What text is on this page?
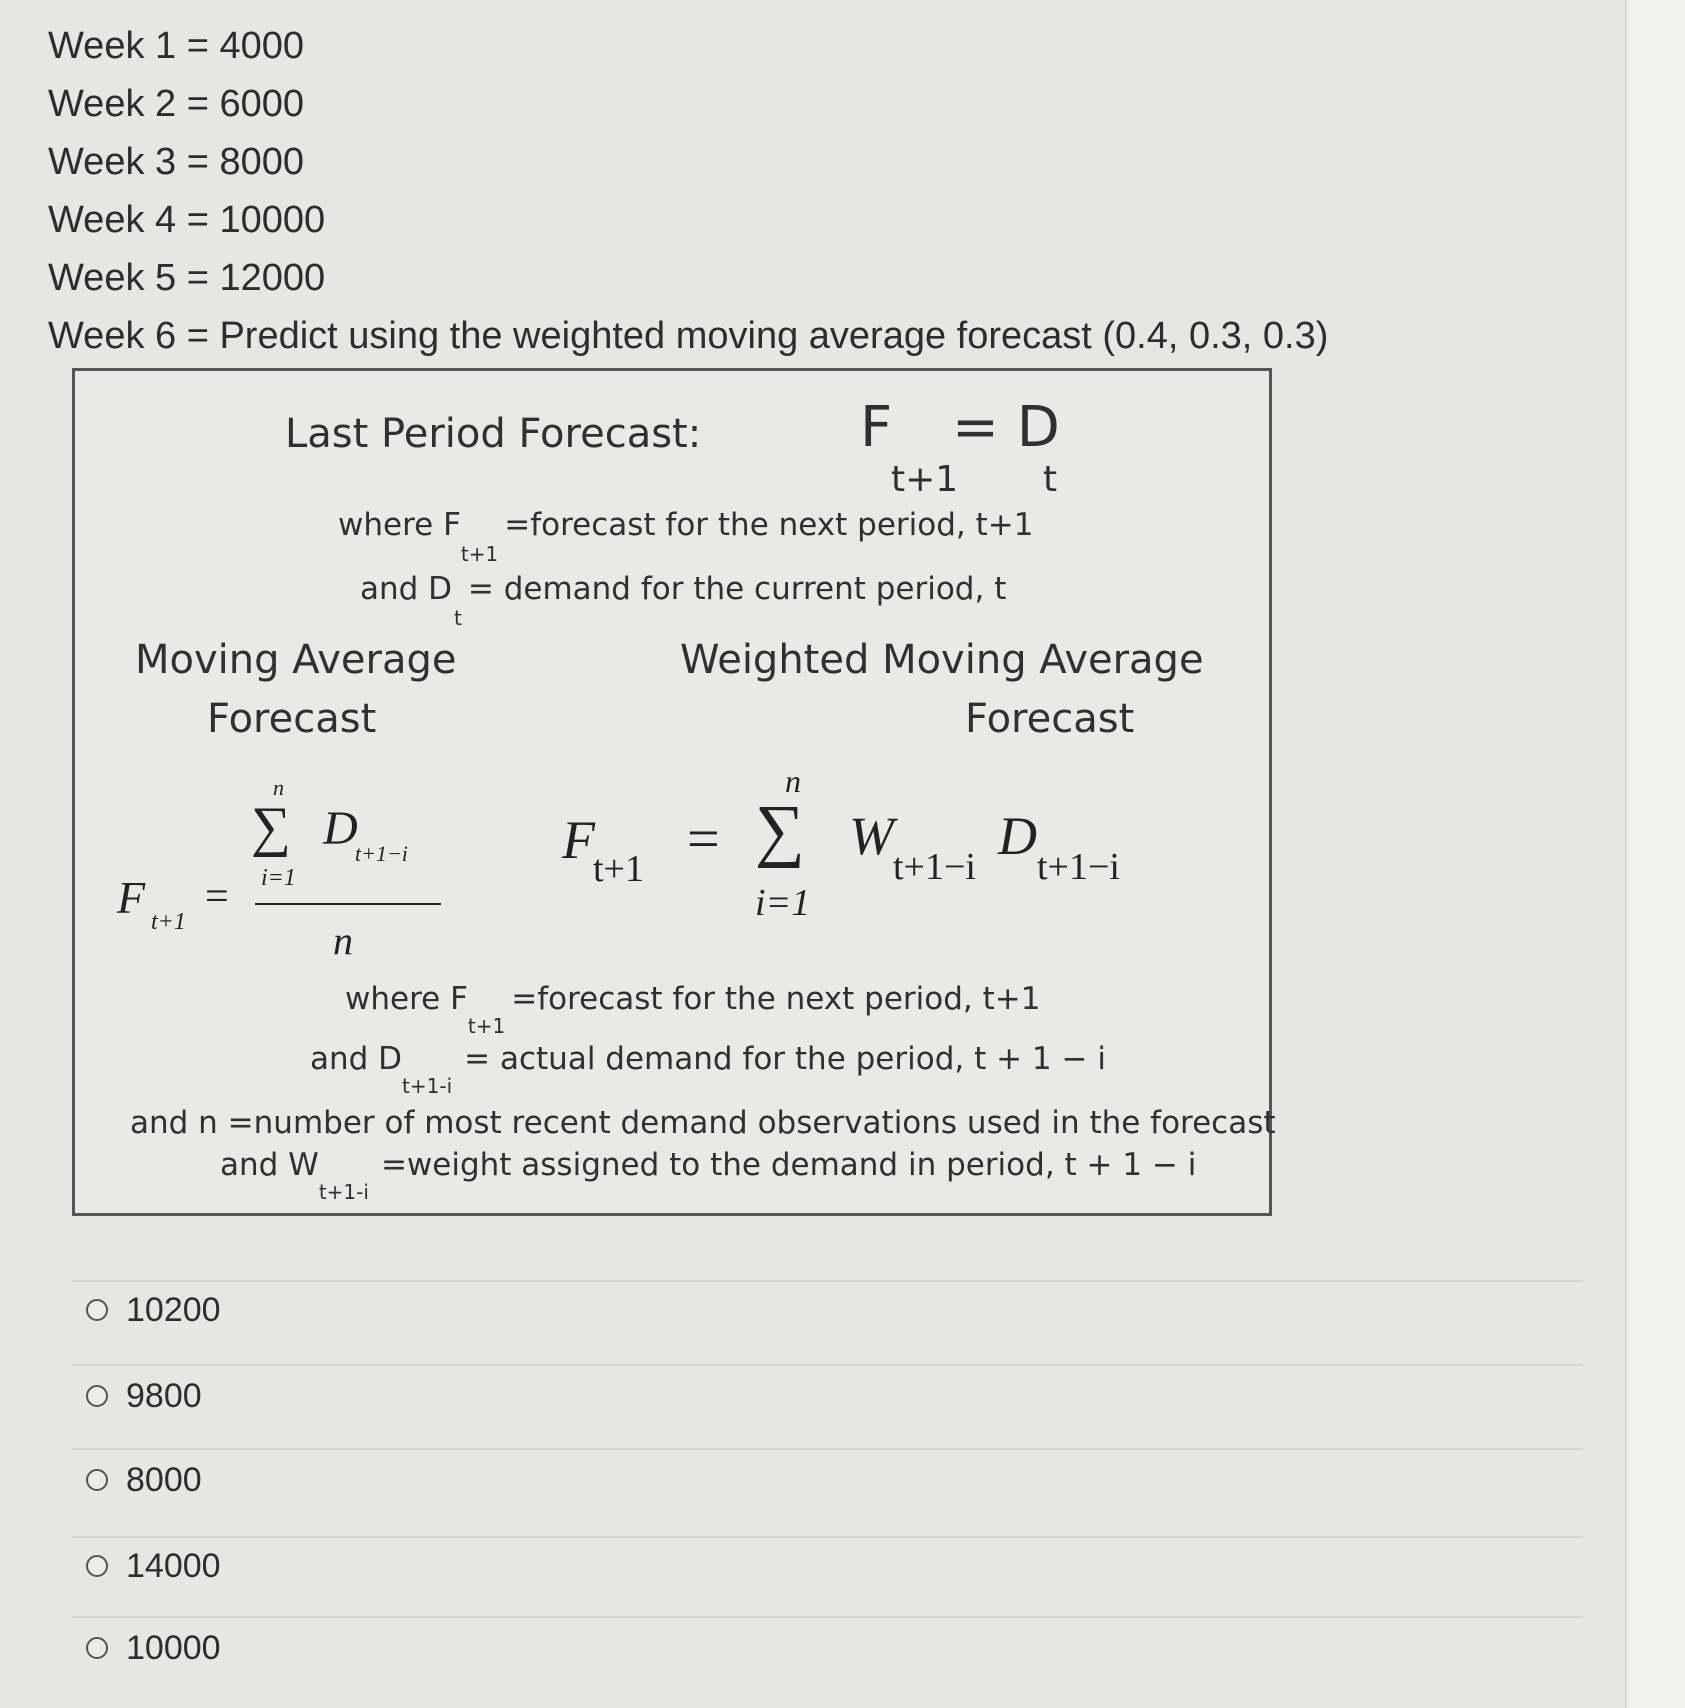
Week 1 = 4000
Week 2 = 6000
Week 3 = 8000
Week 4 = 10000
Week 5 = 12000
Week 6 = Predict using the weighted moving average forecast (0.4, 0.3, 0.3)
Last Period Forecast:	F = D
t+1 t
where $F_{t+1}=forecast$ for the next period, t+1
and $D_t=$ demand for the current period, t
Moving Average
Forecast
Weighted Moving Average
Forecast
F t+1
=
n
∑
i=1
D
t+1−i
n
F
t+1 =
n
∑
i=1
W
t+1−i
D
t+1−i
where $F_{t+1}=forecast$ for the next period, t+1
and $D_{t+1-i}=$ actual demand for the period, t + 1 − i
and n =number of most recent demand observations used in the forecast
and $W_{t+1-i}=weight$ assigned to the demand in period, t + 1 − i
10200
9800
8000
14000
10000
